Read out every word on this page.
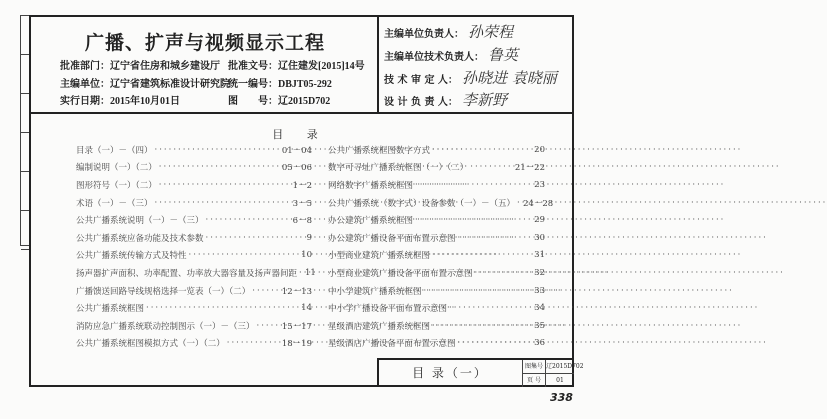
广播、扩声与视频显示工程
批准部门：辽宁省住房和城乡建设厅
主编单位：辽宁省建筑标准设计研究院
实行日期：2015年10月01日
批准文号：辽住建发[2015]14号
统一编号：DBJT05-292
图　　号：辽2015D702
主编单位负责人： 孙荣程
主编单位技术负责人： 鲁英
技 术 审 定 人： 孙晓进 袁晓丽
设 计 负 责 人： 李新野
目 录
目录（一）－（四） ·····	01－04
编制说明（一）（二） ·····	05－06
图形符号（一）（二） ·····	1－2
术语（一）－（三） ·····	3－5
公共广播系统说明（一）－（三） ·····	6－8
公共广播系统应备功能及技术参数 ·····	9
公共广播系统传输方式及特性 ·····	10
扬声器扩声面积、功率配置、功率放大器容量及扬声器间距 ····· 11
广播馈送回路导线规格选择一览表（一）（二） ·····	12－13
公共广播系统框图 ·····	14
消防应急广播系统联动控制图示（一）－（三） ·····	15－17
公共广播系统框图模拟方式（一）（二） ·····	18－19
公共广播系统框图数字方式 ·····	20
数字可寻址广播系统框图（一）（二） ·····	21－22
网络数字广播系统框图 ·····	23
公共广播系统（数字式）设备参数（一）－（五） ····· 24－28
办公建筑广播系统框图 ·····	29
办公建筑广播设备平面布置示意图 ·····	30
小型商业建筑广播系统框图 ·····	31
小型商业建筑广播设备平面布置示意图 ·····	32
中小学建筑广播系统框图 ·····	33
中小学广播设备平面布置示意图 ·····	34
星级酒店建筑广播系统框图 ·····	35
星级酒店广播设备平面布置示意图 ·····	36
目 录（一）	图集号 辽2015D702
页 号	01
338
